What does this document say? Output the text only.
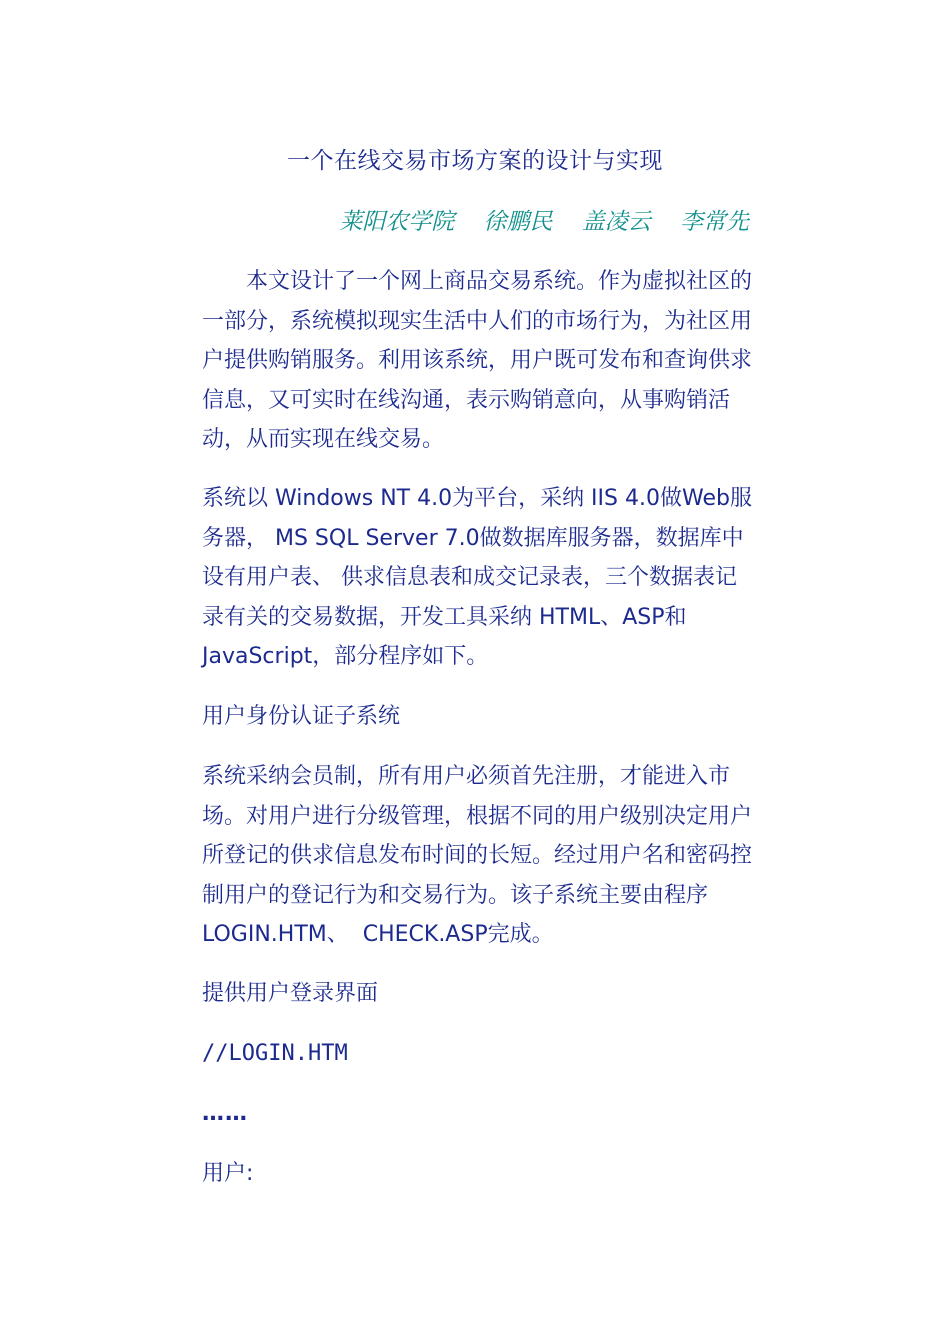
一个在线交易市场方案的设计与实现
莱阳农学院    徐鹏民    盖凌云    李常先
本文设计了一个网上商品交易系统。作为虚拟社区的一部分，系统模拟现实生活中人们的市场行为，为社区用户提供购销服务。利用该系统，用户既可发布和查询供求信息，又可实时在线沟通，表示购销意向，从事购销活动，从而实现在线交易。
系统以 Windows NT 4.0为平台，采纳 IIS 4.0做Web服务器， MS SQL Server 7.0做数据库服务器，数据库中设有用户表、 供求信息表和成交记录表，三个数据表记录有关的交易数据，开发工具采纳 HTML、ASP和 JavaScript，部分程序如下。
用户身份认证子系统
系统采纳会员制，所有用户必须首先注册，才能进入市场。对用户进行分级管理，根据不同的用户级别决定用户所登记的供求信息发布时间的长短。经过用户名和密码控制用户的登记行为和交易行为。该子系统主要由程序 LOGIN.HTM、  CHECK.ASP完成。
提供用户登录界面
//LOGIN.HTM
……
用户:
